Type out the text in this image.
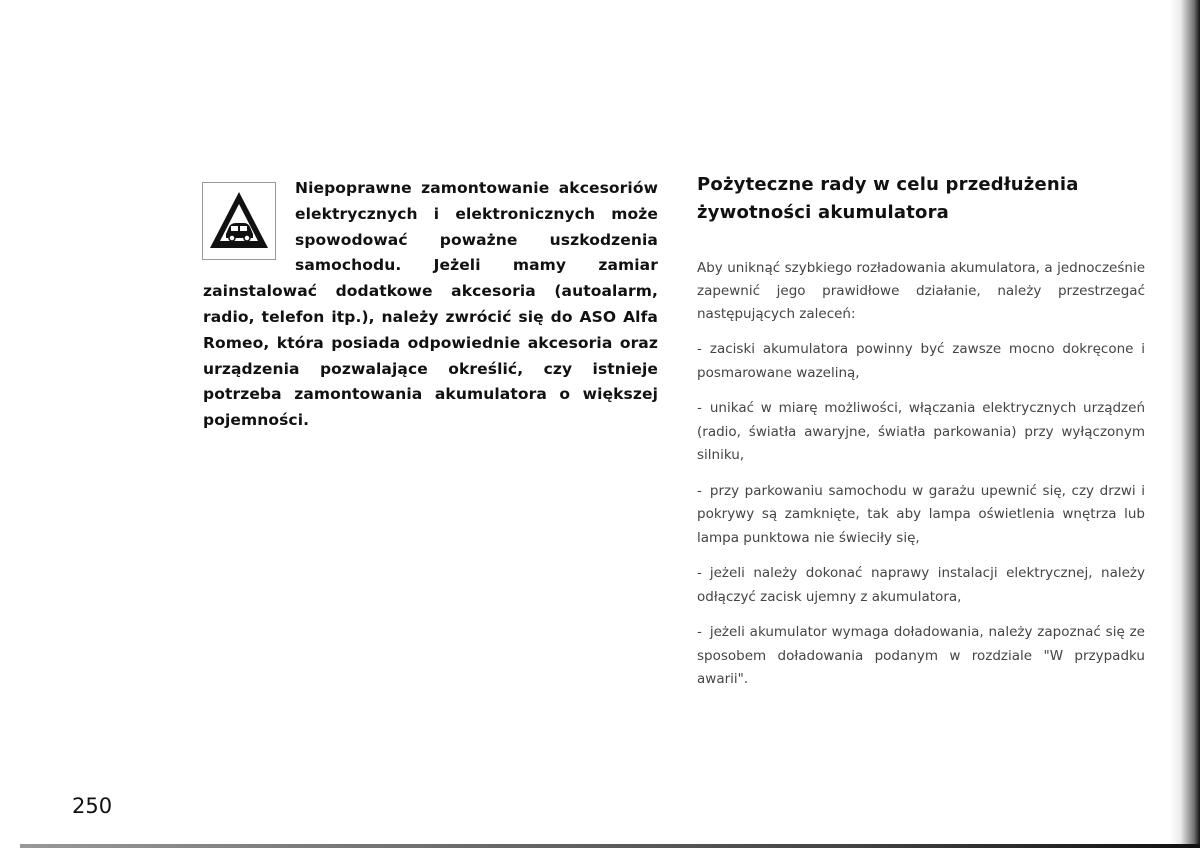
Niepoprawne zamontowanie akcesoriów elektrycznych i elektronicznych może spowodować poważne uszkodzenia samochodu. Jeżeli mamy zamiar zainstalować dodatkowe akcesoria (autoalarm, radio, telefon itp.), należy zwrócić się do ASO Alfa Romeo, która posiada odpowiednie akcesoria oraz urządzenia pozwalające określić, czy istnieje potrzeba zamontowania akumulatora o większej pojemności.
Pożyteczne rady w celu przedłużenia żywotności akumulatora

Aby uniknąć szybkiego rozładowania akumulatora, a jednocześnie zapewnić jego prawidłowe działanie, należy przestrzegać następujących zaleceń:

- zaciski akumulatora powinny być zawsze mocno dokręcone i posmarowane wazeliną,
- unikać w miarę możliwości, włączania elektrycznych urządzeń (radio, światła awaryjne, światła parkowania) przy wyłączonym silniku,
- przy parkowaniu samochodu w garażu upewnić się, czy drzwi i pokrywy są zamknięte, tak aby lampa oświetlenia wnętrza lub lampa punktowa nie świeciły się,
- jeżeli należy dokonać naprawy instalacji elektrycznej, należy odłączyć zacisk ujemny z akumulatora,
- jeżeli akumulator wymaga doładowania, należy zapoznać się ze sposobem doładowania podanym w rozdziale "W przypadku awarii".
250
